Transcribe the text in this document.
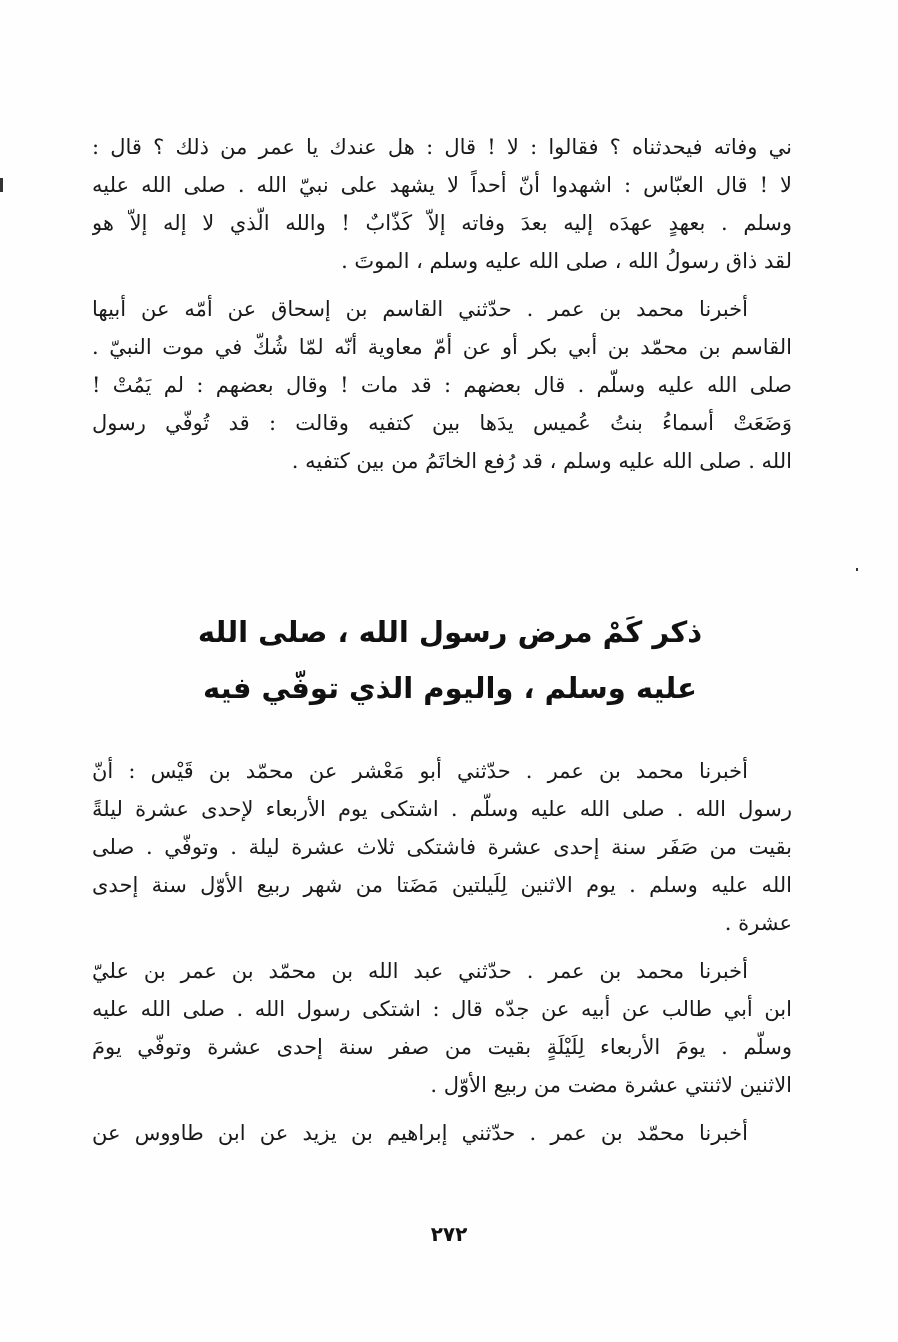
ني وفاته فيحدثناه ؟ فقالوا : لا ! قال : هل عندك يا عمر من ذلك ؟ قال :
لا ! قال العبّاس : اشهدوا أنّ أحداً لا يشهد على نبيّ الله . صلى الله عليه
وسلم . بعهدٍ عهدَه إليه بعدَ وفاته إلاّ كَذّابٌ ! والله الّذي لا إله إلاّ هو
لقد ذاق رسولُ الله ، صلى الله عليه وسلم ، الموتَ .
أخبرنا محمد بن عمر . حدّثني القاسم بن إسحاق عن أمّه عن أبيها
القاسم بن محمّد بن أبي بكر أو عن أمّ معاوية أنّه لمّا شُكّ في موت النبيّ .
صلى الله عليه وسلّم . قال بعضهم : قد مات ! وقال بعضهم : لم يَمُتْ !
وَضَعَتْ أسماءُ بنتُ عُميس يدَها بين كتفيه وقالت : قد تُوفّي رسول
الله . صلى الله عليه وسلم ، قد رُفع الخاتَمُ من بين كتفيه .
ذكر كَمْ مرض رسول الله ، صلى الله
عليه وسلم ، واليوم الذي توفّي فيه
أخبرنا محمد بن عمر . حدّثني أبو مَعْشر عن محمّد بن قَيْس : أنّ
رسول الله . صلى الله عليه وسلّم . اشتكى يوم الأربعاء لإحدى عشرة ليلةً
بقيت من صَفَر سنة إحدى عشرة فاشتكى ثلاث عشرة ليلة . وتوفّي . صلى
الله عليه وسلم . يوم الاثنين لِلَيلتين مَضَتا من شهر ربيع الأوّل سنة إحدى
عشرة .
أخبرنا محمد بن عمر . حدّثني عبد الله بن محمّد بن عمر بن عليّ
ابن أبي طالب عن أبيه عن جدّه قال : اشتكى رسول الله . صلى الله عليه
وسلّم . يومَ الأربعاء لِلَيْلَةٍ بقيت من صفر سنة إحدى عشرة وتوفّي يومَ
الاثنين لاثنتي عشرة مضت من ربيع الأوّل .
أخبرنا محمّد بن عمر . حدّثني إبراهيم بن يزيد عن ابن طاووس عن
٢٧٢
